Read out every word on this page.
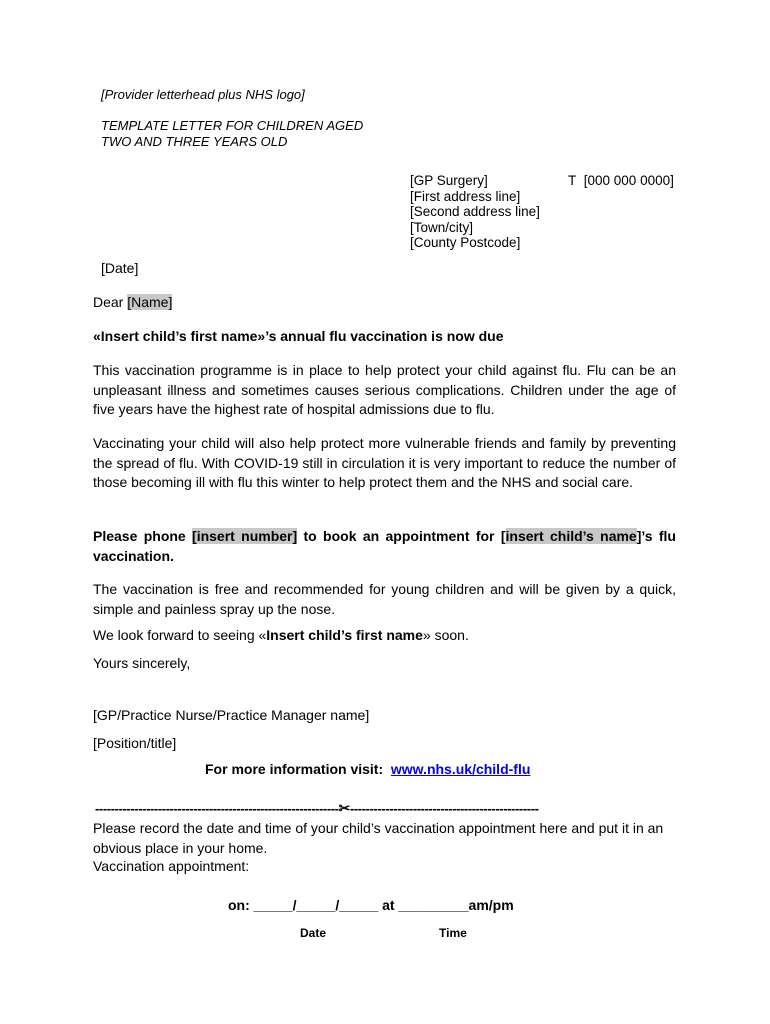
[Provider letterhead plus NHS logo]
TEMPLATE LETTER FOR CHILDREN AGED
TWO AND THREE YEARS OLD
[GP Surgery]
[First address line]
[Second address line]
[Town/city]
[County Postcode]
T [000 000 0000]
[Date]
Dear [Name]
«Insert child’s first name»’s annual flu vaccination is now due
This vaccination programme is in place to help protect your child against flu. Flu can be an unpleasant illness and sometimes causes serious complications. Children under the age of five years have the highest rate of hospital admissions due to flu.
Vaccinating your child will also help protect more vulnerable friends and family by preventing the spread of flu. With COVID-19 still in circulation it is very important to reduce the number of those becoming ill with flu this winter to help protect them and the NHS and social care.
Please phone [insert number] to book an appointment for [insert child’s name]’s flu vaccination.
The vaccination is free and recommended for young children and will be given by a quick, simple and painless spray up the nose.
We look forward to seeing «Insert child’s first name» soon.
Yours sincerely,
[GP/Practice Nurse/Practice Manager name]
[Position/title]
For more information visit: www.nhs.uk/child-flu
--------------------------------------------------------------✂------------------------------------------------
Please record the date and time of your child’s vaccination appointment here and put it in an obvious place in your home.
Vaccination appointment:
on: _____/_____/_____ at _________am/pm
Date	Time
